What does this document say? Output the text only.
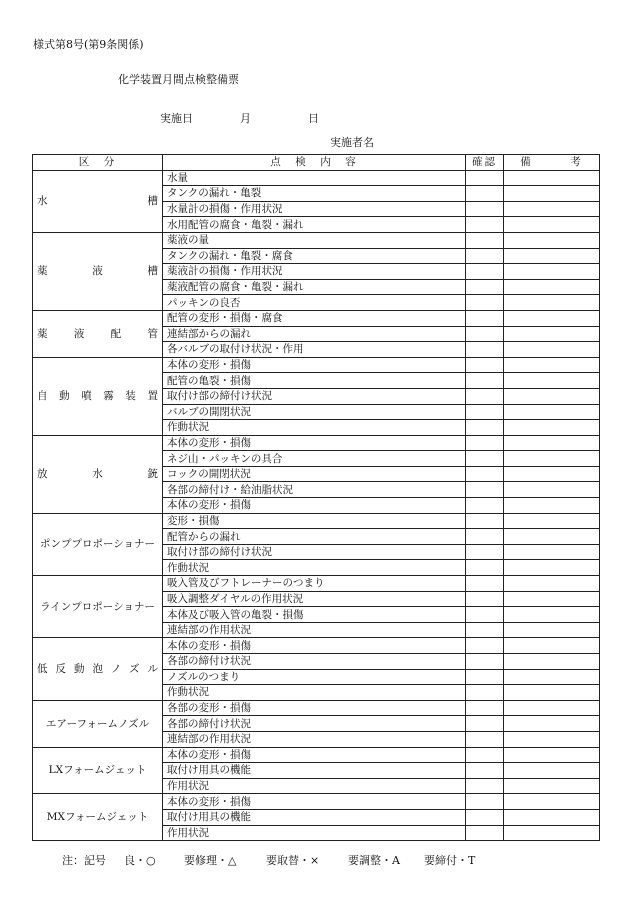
様式第8号(第9条関係)
化学装置月間点検整備票
実施日	月	日
実施者名
区　分	点　検　内　容	確認	備　　　考
水槽	水量		
	タンクの漏れ・亀裂		
	水量計の損傷・作用状況		
	水用配管の腐食・亀裂・漏れ		
薬液槽	薬液の量		
	タンクの漏れ・亀裂・腐食		
	薬液計の損傷・作用状況		
	薬液配管の腐食・亀裂・漏れ		
	パッキンの良否		
薬液配管	配管の変形・損傷・腐食		
	連結部からの漏れ		
	各バルブの取付け状況・作用		
自動噴霧装置	本体の変形・損傷		
	配管の亀裂・損傷		
	取付け部の締付け状況		
	バルブの開閉状況		
	作動状況		
放水銃	本体の変形・損傷		
	ネジ山・パッキンの具合		
	コックの開閉状況		
	各部の締付け・給油脂状況		
	本体の変形・損傷		
ポンププロポーショナー	変形・損傷		
	配管からの漏れ		
	取付け部の締付け状況		
	作動状況		
ラインプロポーショナー	吸入管及びフトレーナーのつまり		
	吸入調整ダイヤルの作用状況		
	本体及び吸入管の亀裂・損傷		
	連結部の作用状況		
低反動泡ノズル	本体の変形・損傷		
	各部の締付け状況		
	ノズルのつまり		
	作動状況		
エアーフォームノズル	各部の変形・損傷		
	各部の締付け状況		
	連結部の作用状況		
LXフォームジェット	本体の変形・損傷		
	取付け用具の機能		
	作用状況		
MXフォームジェット	本体の変形・損傷		
	取付け用具の機能		
	作用状況		
注：記号 良・○	要修理・△	要取替・×	要調整・A 要締付・T
